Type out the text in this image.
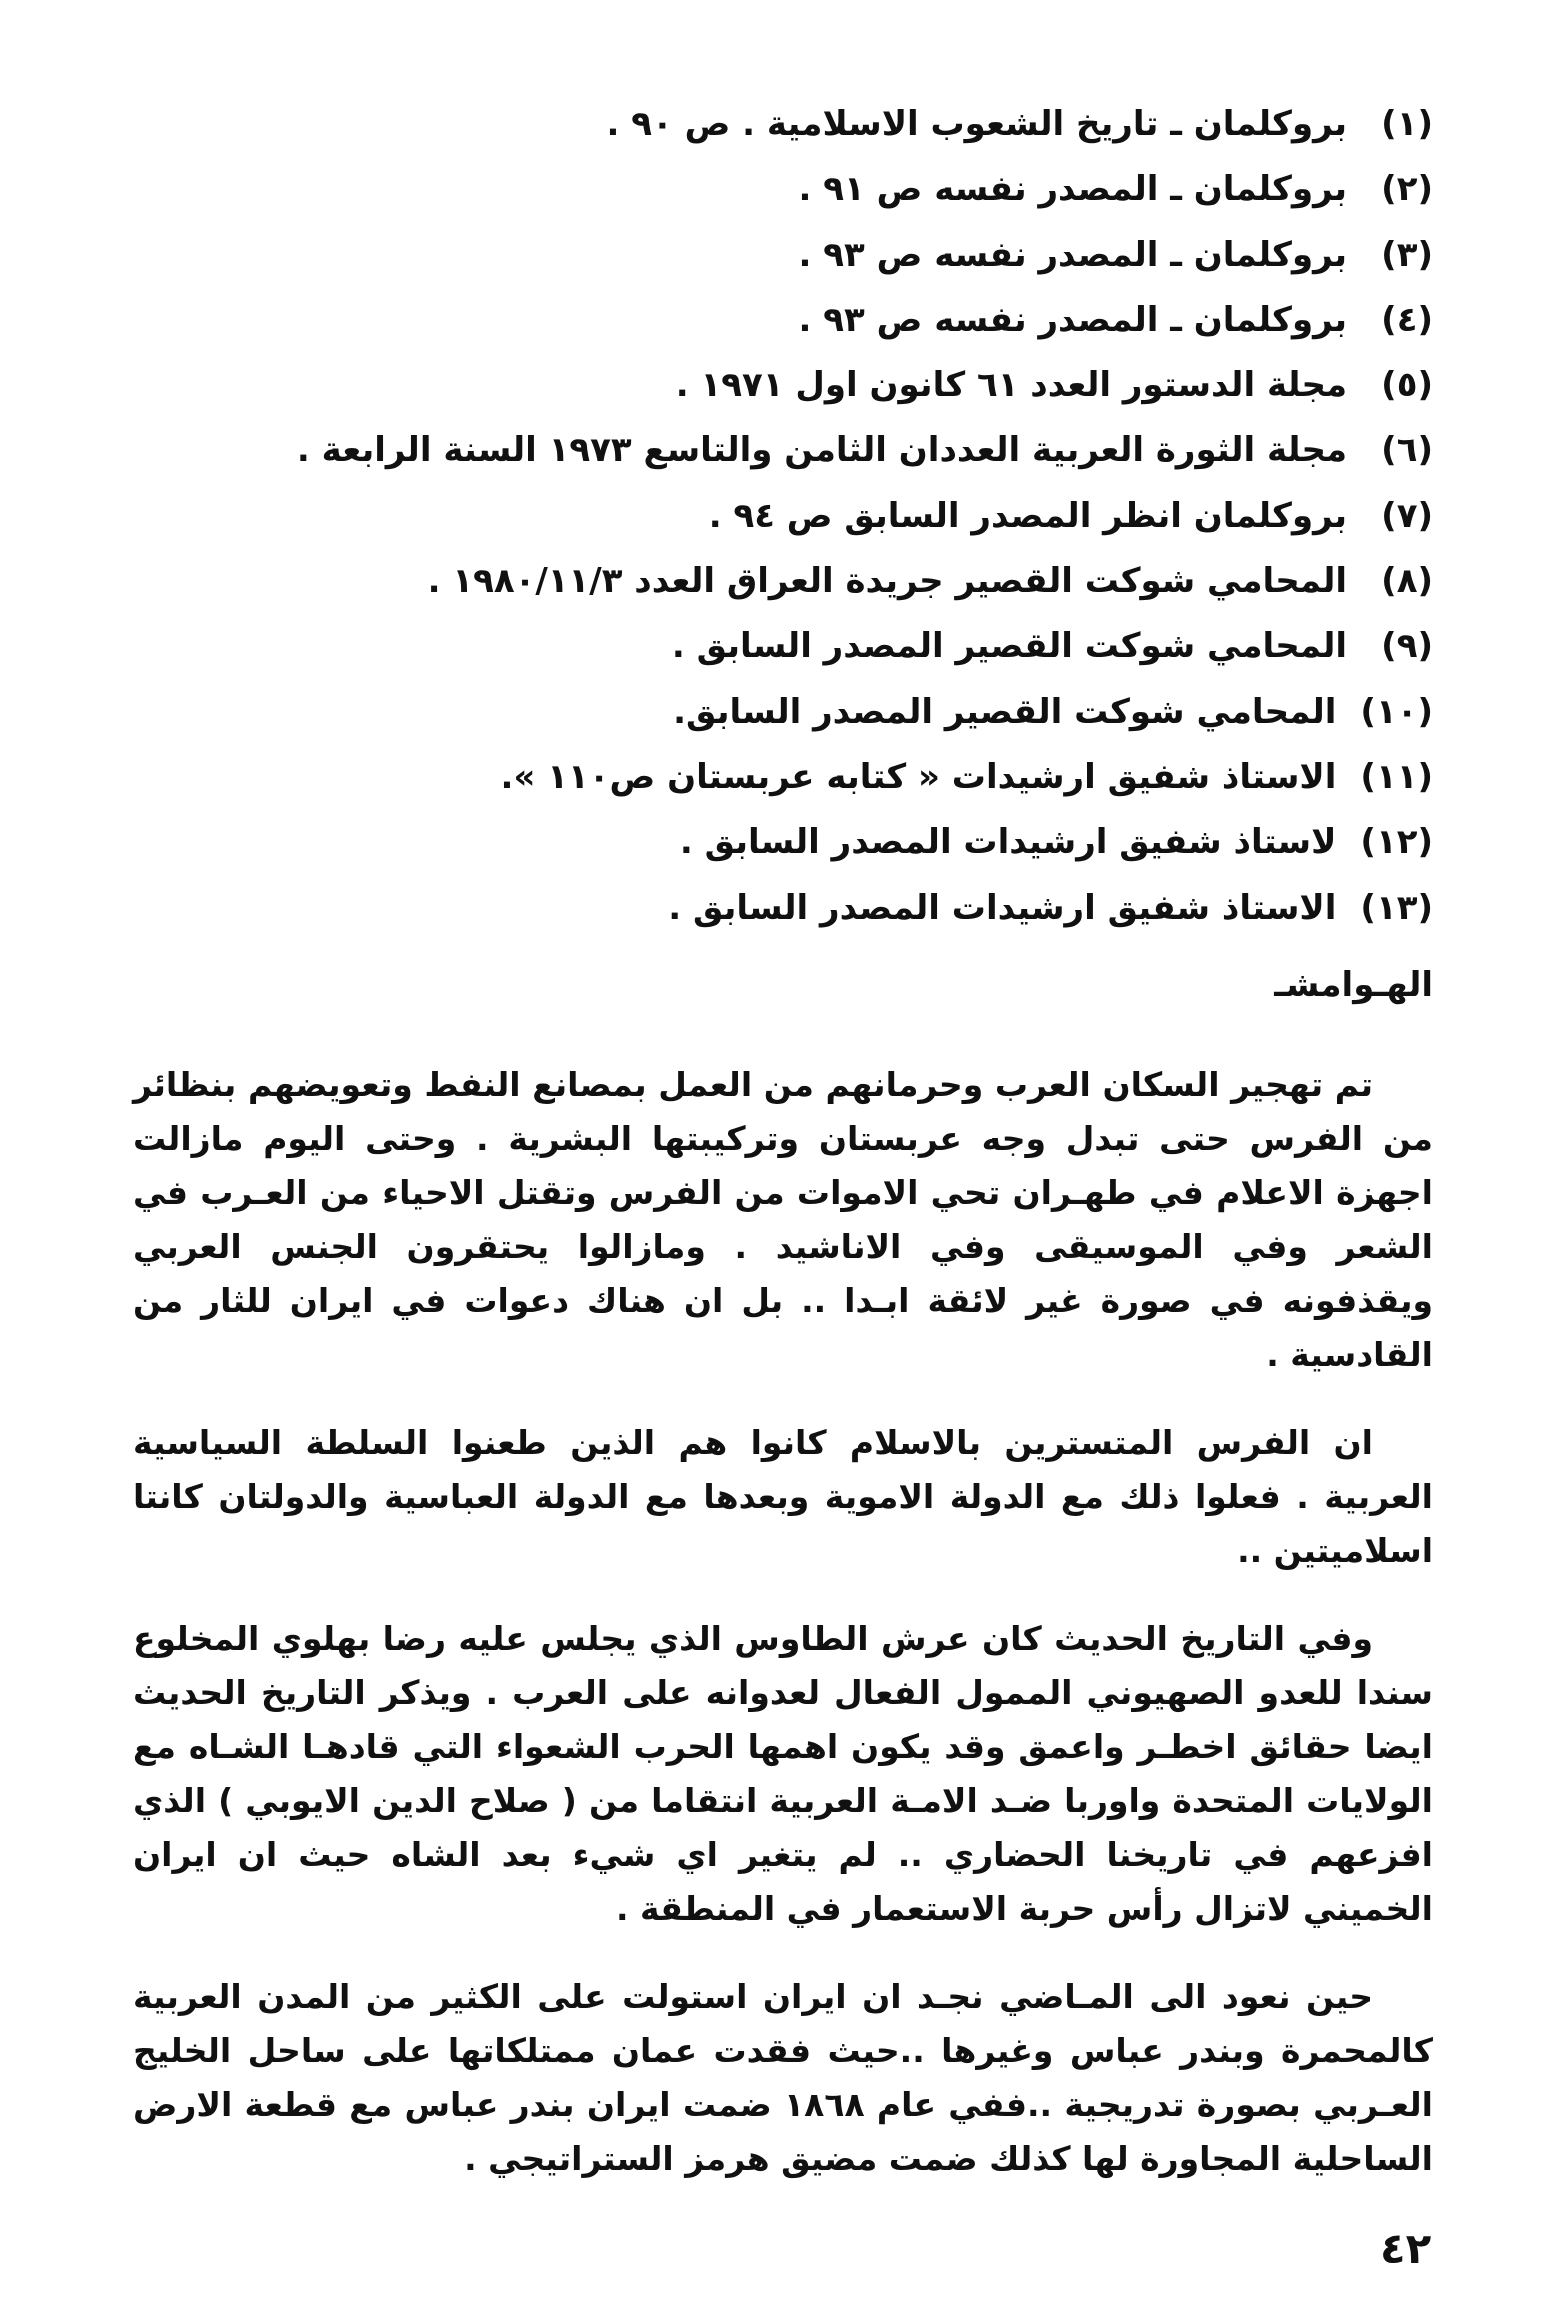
(١)
بروكلمان ـ تاريخ الشعوب الاسلامية . ص ٩٠ .
(٢)
بروكلمان ـ المصدر نفسه ص ٩١ .
(٣)
بروكلمان ـ المصدر نفسه ص ٩٣ .
(٤)
بروكلمان ـ المصدر نفسه ص ٩٣ .
(٥)
مجلة الدستور العدد ٦١ كانون اول ١٩٧١ .
(٦)
مجلة الثورة العربية العددان الثامن والتاسع ١٩٧٣ السنة الرابعة .
(٧)
بروكلمان انظر المصدر السابق ص ٩٤ .
(٨)
المحامي شوكت القصير جريدة العراق العدد ١٩٨٠/١١/٣ .
(٩)
المحامي شوكت القصير المصدر السابق .
(١٠)
المحامي شوكت القصير المصدر السابق.
(١١)
الاستاذ شفيق ارشيدات « كتابه عربستان ص١١٠ ».
(١٢)
لاستاذ شفيق ارشيدات المصدر السابق .
(١٣)
الاستاذ شفيق ارشيدات المصدر السابق .
الهـوامشـ

تم تهجير السكان العرب وحرمانهم من العمل بمصانع النفط وتعويضهم بنظائر من الفرس حتى تبدل وجه عربستان وتركيبتها البشرية . وحتى اليوم مازالت اجهزة الاعلام في طهـران تحي الاموات من الفرس وتقتل الاحياء من العـرب في الشعر وفي الموسيقى وفي الاناشيد . ومازالوا يحتقرون الجنس العربي ويقذفونه في صورة غير لائقة ابـدا .. بل ان هناك دعوات في ايران للثار من القادسية .

ان الفرس المتسترين بالاسلام كانوا هم الذين طعنوا السلطة السياسية العربية . فعلوا ذلك مع الدولة الاموية وبعدها مع الدولة العباسية والدولتان كانتا اسلاميتين ..

وفي التاريخ الحديث كان عرش الطاوس الذي يجلس عليه رضا بهلوي المخلوع سندا للعدو الصهيوني الممول الفعال لعدوانه على العرب . ويذكر التاريخ الحديث ايضا حقائق اخطـر واعمق وقد يكون اهمها الحرب الشعواء التي قادهـا الشـاه مع الولايات المتحدة واوربا ضـد الامـة العربية انتقاما من ( صلاح الدين الايوبي ) الذي افزعهم في تاريخنا الحضاري .. لم يتغير اي شيء بعد الشاه حيث ان ايران الخميني لاتزال رأس حربة الاستعمار في المنطقة .

حين نعود الى المـاضي نجـد ان ايران استولت على الكثير من المدن العربية كالمحمرة وبندر عباس وغيرها ..حيث فقدت عمان ممتلكاتها على ساحل الخليج العـربي بصورة تدريجية ..ففي عام ١٨٦٨ ضمت ايران بندر عباس مع قطعة الارض الساحلية المجاورة لها كذلك ضمت مضيق هرمز الستراتيجي .

٤٢
